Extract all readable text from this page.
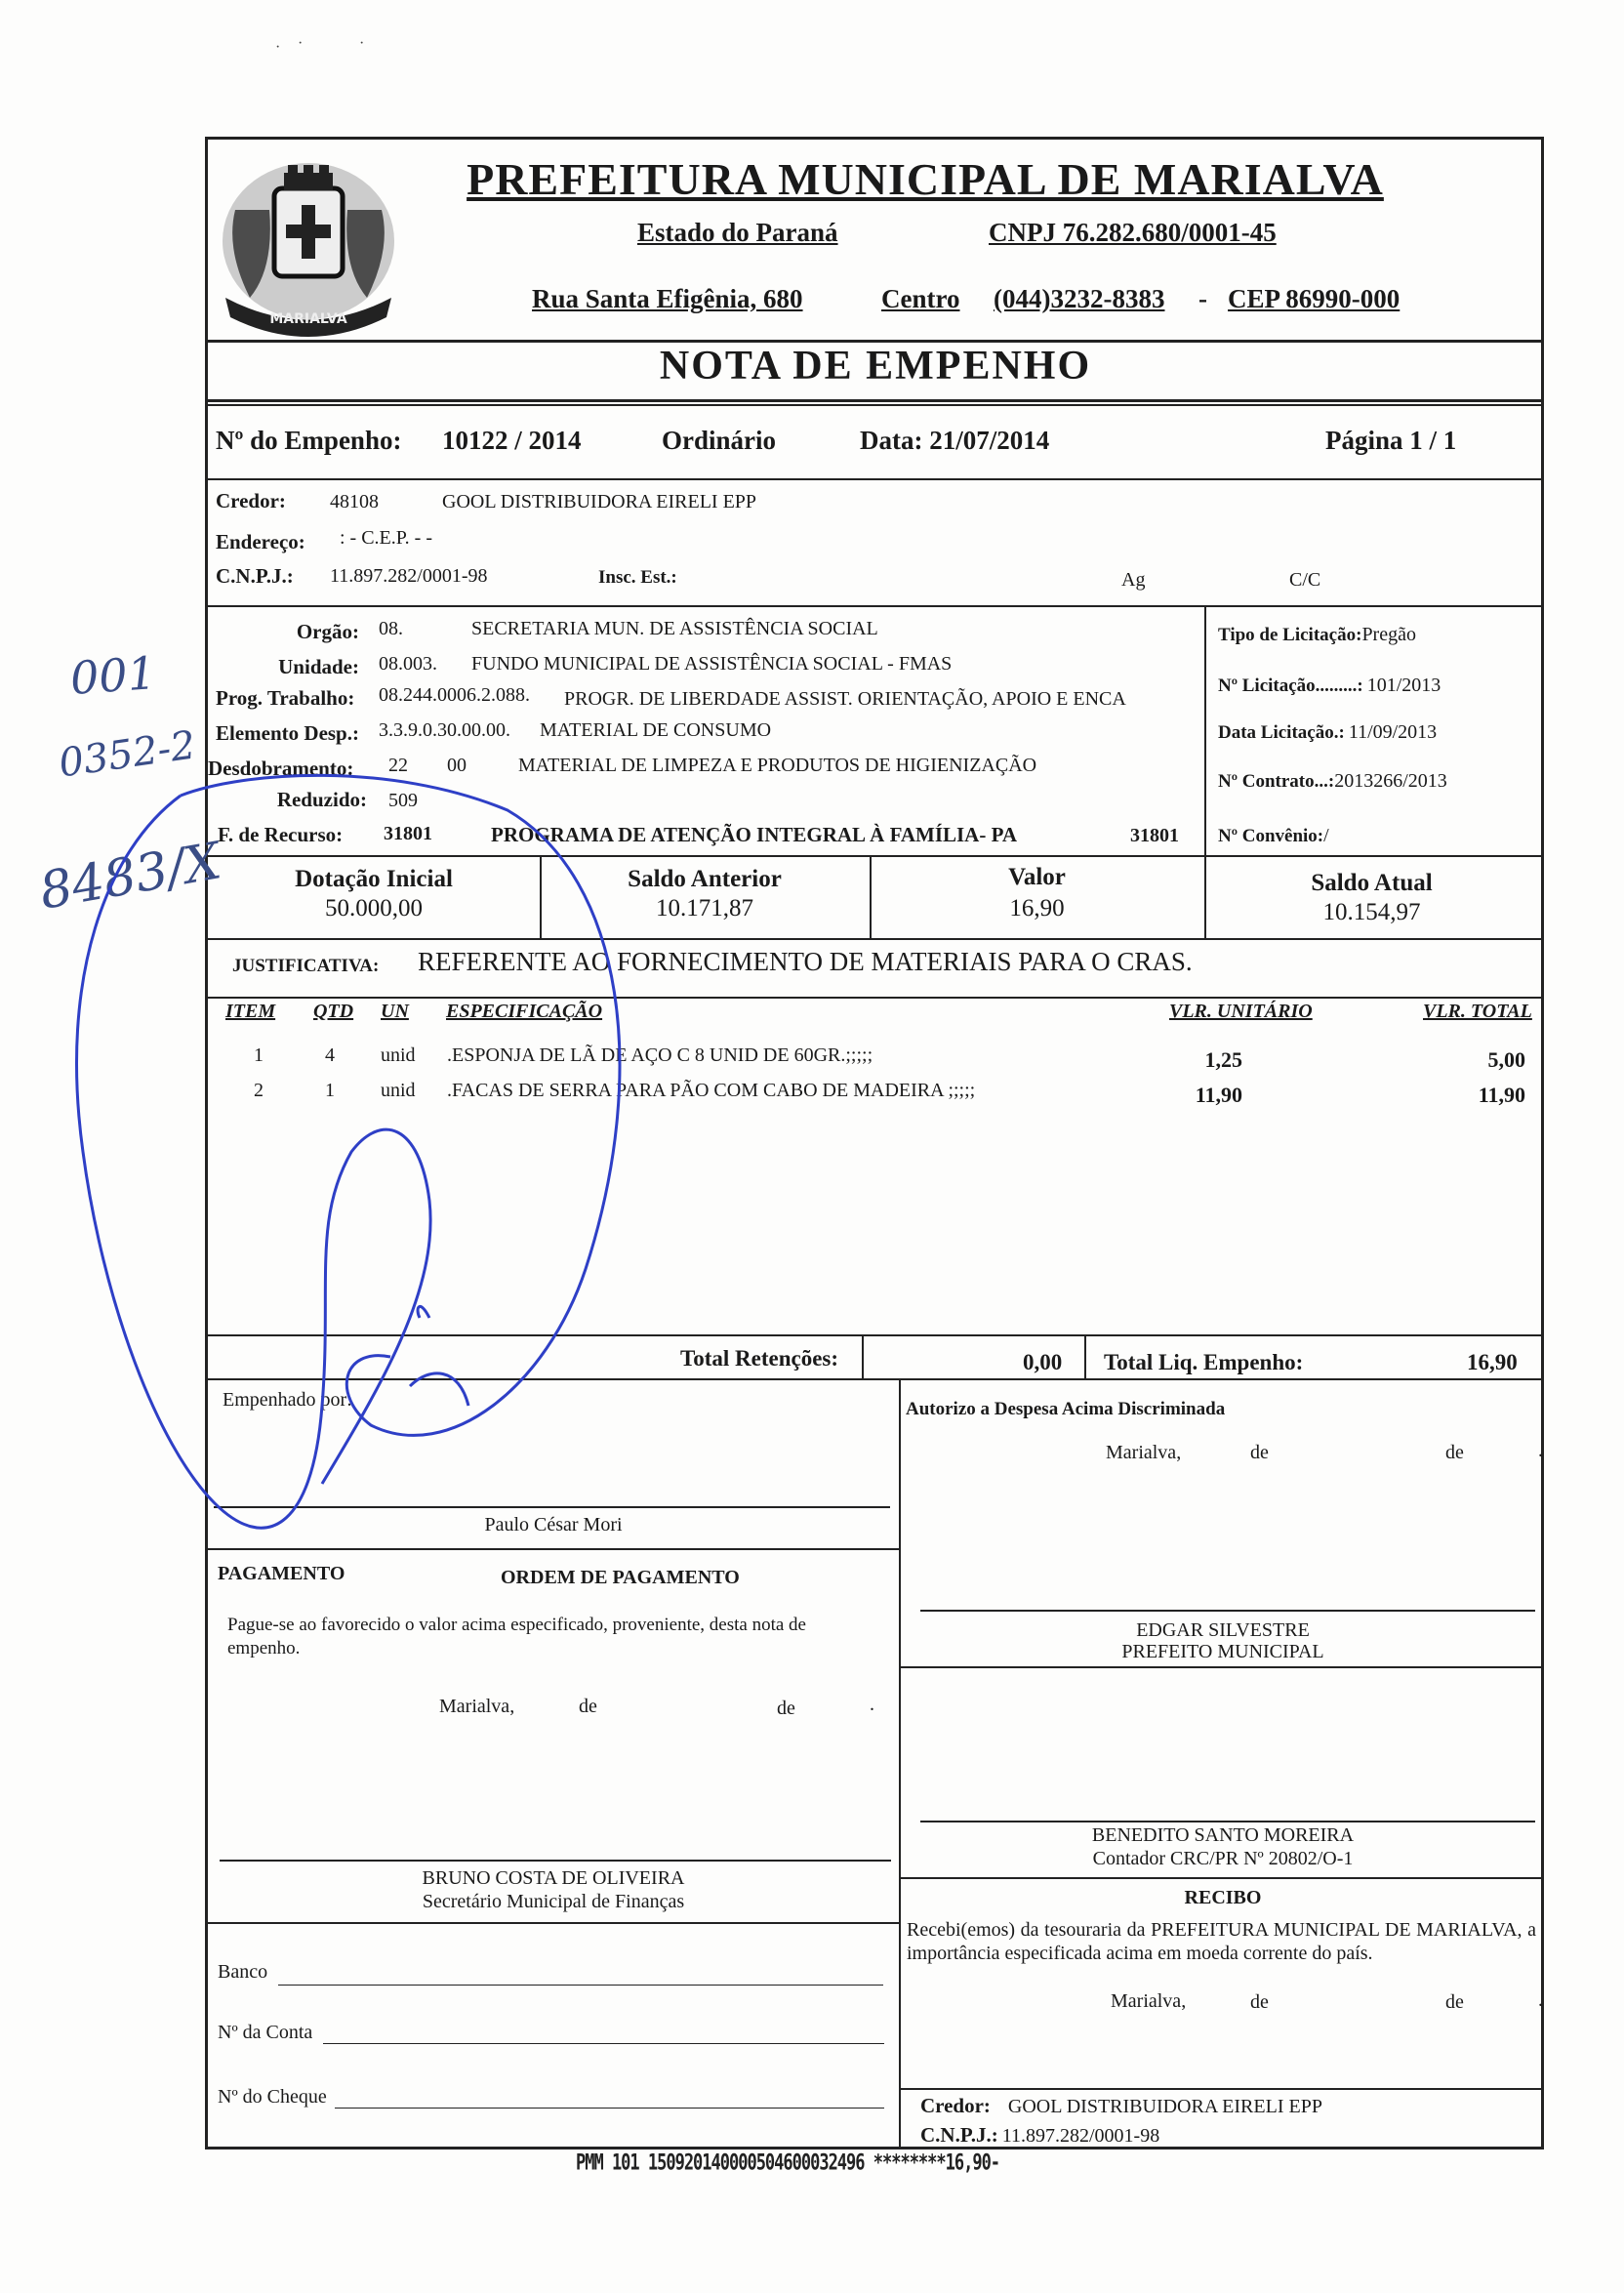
· ·	·
MARIALVA
PREFEITURA MUNICIPAL DE MARIALVA
Estado do Paraná	CNPJ 76.282.680/0001-45
Rua Santa Efigênia, 680	Centro (044)3232-8383 - CEP 86990-000
NOTA DE EMPENHO
Nº do Empenho: 10122 / 2014	Ordinário	Data: 21/07/2014	Página 1 / 1
Credor: 48108	GOOL DISTRIBUIDORA EIRELI EPP
Endereço: : - C.E.P. - -
C.N.P.J.: 11.897.282/0001-98	Insc. Est.:	Ag	C/C
Orgão: 08.	SECRETARIA MUN. DE ASSISTÊNCIA SOCIAL
Unidade: 08.003. FUNDO MUNICIPAL DE ASSISTÊNCIA SOCIAL - FMAS
Prog. Trabalho: 08.244.0006.2.088. PROGR. DE LIBERDADE ASSIST. ORIENTAÇÃO, APOIO E ENCA
Elemento Desp.: 3.3.9.0.30.00.00. MATERIAL DE CONSUMO
Desdobramento: 22 00	MATERIAL DE LIMPEZA E PRODUTOS DE HIGIENIZAÇÃO
Reduzido: 509
F. de Recurso: 31801	PROGRAMA DE ATENÇÃO INTEGRAL À FAMÍLIA- PA	31801
Tipo de Licitação:Pregão
Nº Licitação.........: 101/2013
Data Licitação.: 11/09/2013
Nº Contrato...:2013266/2013
Nº Convênio:/
Dotação Inicial
50.000,00
Saldo Anterior
10.171,87
Valor
16,90
Saldo Atual
10.154,97
JUSTIFICATIVA: REFERENTE AO FORNECIMENTO DE MATERIAIS PARA O CRAS.
ITEM QTD UN ESPECIFICAÇÃO	VLR. UNITÁRIO	VLR. TOTAL
1	4 unid .ESPONJA DE LÃ DE AÇO C 8 UNID DE 60GR.;;;;;	1,25	5,00
2	1 unid .FACAS DE SERRA PARA PÃO COM CABO DE MADEIRA ;;;;;	11,90	11,90
Total Retenções:	0,00 Total Liq. Empenho:	16,90
Empenhado por:
Paulo César Mori
Autorizo a Despesa Acima Discriminada
Marialva,	de	de	.
PAGAMENTO	ORDEM DE PAGAMENTO
Pague-se ao favorecido o valor acima especificado, proveniente, desta nota de empenho.
EDGAR SILVESTRE
PREFEITO MUNICIPAL
Marialva,	de	de	.
BENEDITO SANTO MOREIRA
Contador CRC/PR Nº 20802/O-1
BRUNO COSTA DE OLIVEIRA
Secretário Municipal de Finanças	RECIBO
Recebi(emos) da tesouraria da PREFEITURA MUNICIPAL DE MARIALVA, a importância especificada acima em moeda corrente do país.
Marialva,	de	de	.
Banco
Nº da Conta
Nº do Cheque	Credor: GOOL DISTRIBUIDORA EIRELI EPP
C.N.P.J.: 11.897.282/0001-98
PMM 101 150920140000504600032496 ********16,90-
001
0352-2
8483/X
